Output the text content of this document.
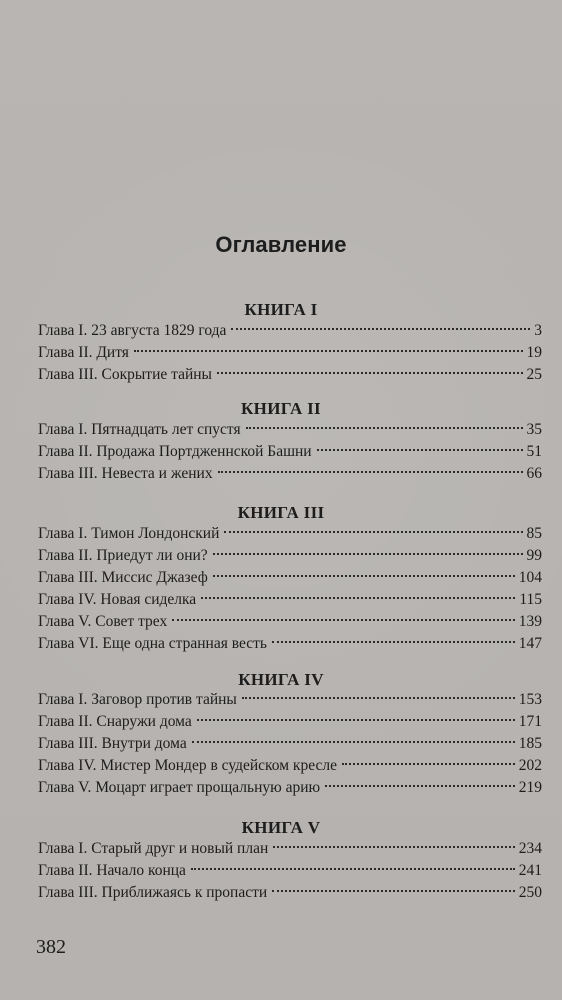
Оглавление
КНИГА I
Глава I. 23 августа 1829 года	3
Глава II. Дитя	19
Глава III. Сокрытие тайны	25
КНИГА II
Глава I. Пятнадцать лет спустя	35
Глава II. Продажа Портдженнской Башни	51
Глава III. Невеста и жених	66
КНИГА III
Глава I. Тимон Лондонский	85
Глава II. Приедут ли они?	99
Глава III. Миссис Джазеф	104
Глава IV. Новая сиделка	115
Глава V. Совет трех	139
Глава VI. Еще одна странная весть	147
КНИГА IV
Глава I. Заговор против тайны	153
Глава II. Снаружи дома	171
Глава III. Внутри дома	185
Глава IV. Мистер Мондер в судейском кресле	202
Глава V. Моцарт играет прощальную арию	219
КНИГА V
Глава I. Старый друг и новый план	234
Глава II. Начало конца	241
Глава III. Приближаясь к пропасти	250
382
